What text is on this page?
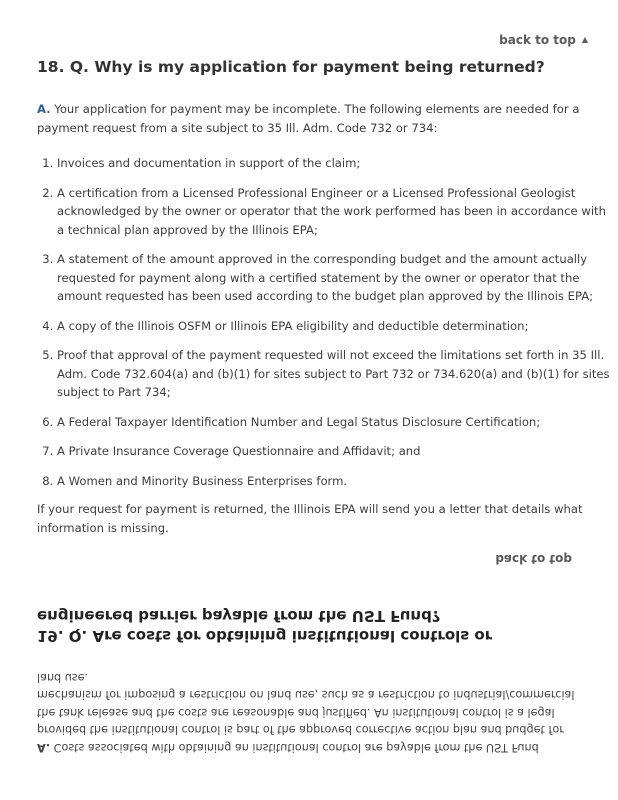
back to top ▲
18. Q. Why is my application for payment being returned?

A. Your application for payment may be incomplete. The following elements are needed for a payment request from a site subject to 35 Ill. Adm. Code 732 or 734:

1. Invoices and documentation in support of the claim;
2. A certification from a Licensed Professional Engineer or a Licensed Professional Geologist acknowledged by the owner or operator that the work performed has been in accordance with a technical plan approved by the Illinois EPA;
3. A statement of the amount approved in the corresponding budget and the amount actually requested for payment along with a certified statement by the owner or operator that the amount requested has been used according to the budget plan approved by the Illinois EPA;
4. A copy of the Illinois OSFM or Illinois EPA eligibility and deductible determination;
5. Proof that approval of the payment requested will not exceed the limitations set forth in 35 Ill. Adm. Code 732.604(a) and (b)(1) for sites subject to Part 732 or 734.620(a) and (b)(1) for sites subject to Part 734;
6. A Federal Taxpayer Identification Number and Legal Status Disclosure Certification;
7. A Private Insurance Coverage Questionnaire and Affidavit; and
8. A Women and Minority Business Enterprises form.

If your request for payment is returned, the Illinois EPA will send you a letter that details what information is missing.

A. Costs associated with obtaining an institutional control are payable from the UST Fund provided the institutional control is part of the approved corrective action plan and budget for the tank release and the costs are reasonable and justified. An institutional control is a legal mechanism for imposing a restriction on land use, such as a restriction to industrial/commercial land use.

19. Q. Are costs for obtaining institutional controls or engineered barrier payable from the UST Fund?
back to top
